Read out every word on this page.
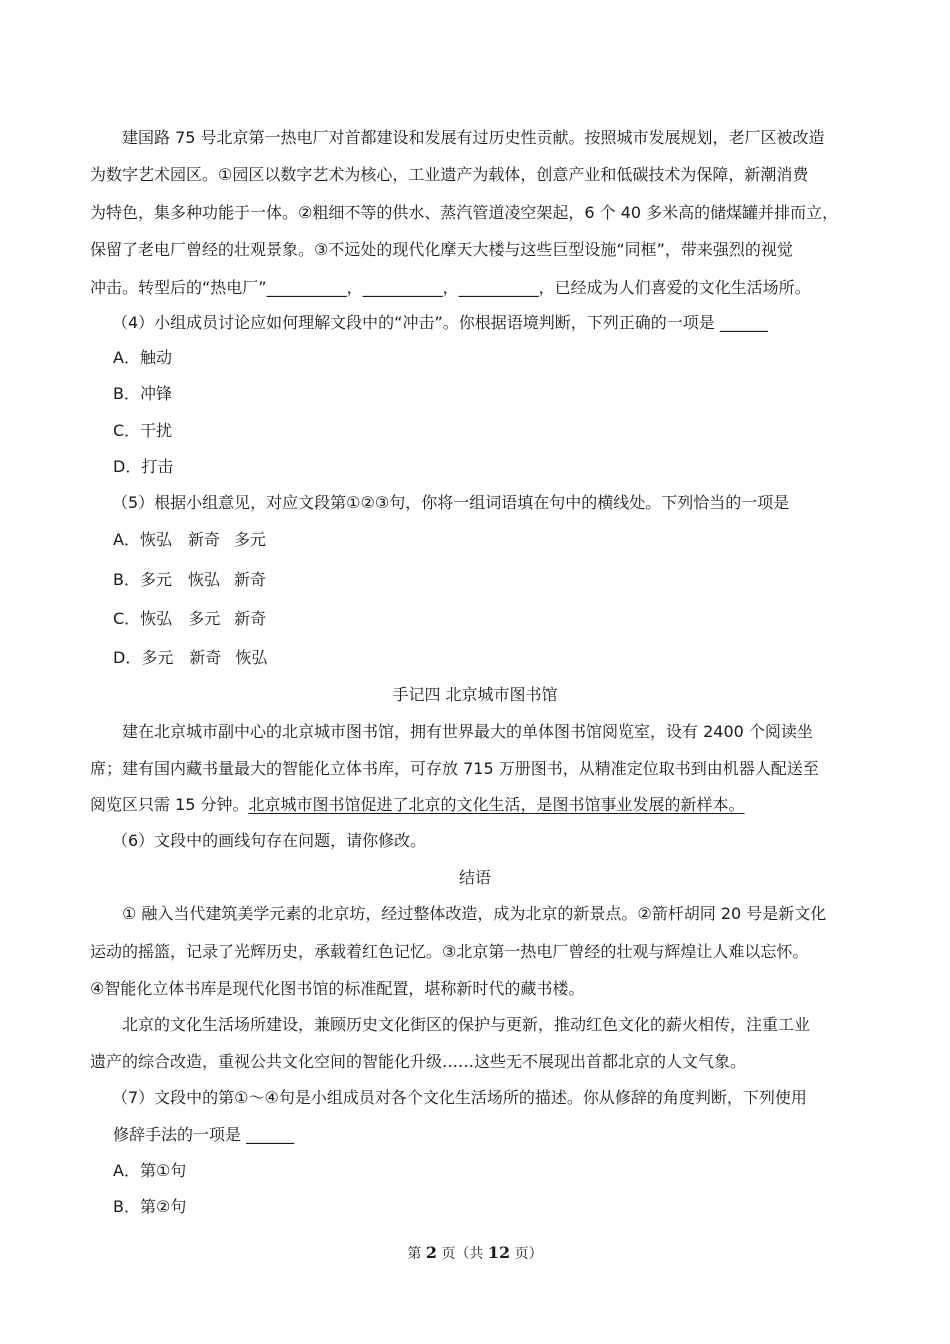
建国路 75 号北京第一热电厂对首都建设和发展有过历史性贡献。按照城市发展规划，老厂区被改造
为数字艺术园区。①园区以数字艺术为核心，工业遗产为载体，创意产业和低碳技术为保障，新潮消费
为特色，集多种功能于一体。②粗细不等的供水、蒸汽管道凌空架起，6 个 40 多米高的储煤罐并排而立，
保留了老电厂曾经的壮观景象。③不远处的现代化摩天大楼与这些巨型设施“同框”，带来强烈的视觉
冲击。转型后的“热电厂”__________，__________，__________，已经成为人们喜爱的文化生活场所。
（4）小组成员讨论应如何理解文段中的“冲击”。你根据语境判断，下列正确的一项是 ______
A．触动
B．冲锋
C．干扰
D．打击
（5）根据小组意见，对应文段第①②③句，你将一组词语填在句中的横线处。下列恰当的一项是
A．恢弘 新奇 多元
B．多元 恢弘 新奇
C．恢弘 多元 新奇
D．多元 新奇 恢弘
手记四 北京城市图书馆
建在北京城市副中心的北京城市图书馆，拥有世界最大的单体图书馆阅览室，设有 2400 个阅读坐
席；建有国内藏书量最大的智能化立体书库，可存放 715 万册图书，从精准定位取书到由机器人配送至
阅览区只需 15 分钟。北京城市图书馆促进了北京的文化生活，是图书馆事业发展的新样本。
（6）文段中的画线句存在问题，请你修改。
结语
① 融入当代建筑美学元素的北京坊，经过整体改造，成为北京的新景点。②箭杆胡同 20 号是新文化
运动的摇篮，记录了光辉历史，承载着红色记忆。③北京第一热电厂曾经的壮观与辉煌让人难以忘怀。
④智能化立体书库是现代化图书馆的标准配置，堪称新时代的藏书楼。
北京的文化生活场所建设，兼顾历史文化街区的保护与更新，推动红色文化的薪火相传，注重工业
遗产的综合改造，重视公共文化空间的智能化升级……这些无不展现出首都北京的人文气象。
（7）文段中的第①～④句是小组成员对各个文化生活场所的描述。你从修辞的角度判断，下列使用
修辞手法的一项是 ______
A．第①句
B．第②句
第 2 页（共 12 页）
